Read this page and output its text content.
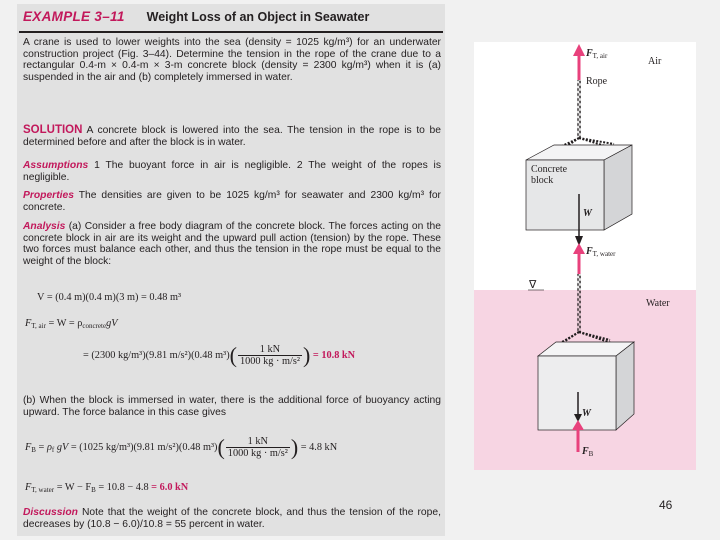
EXAMPLE 3–11 Weight Loss of an Object in Seawater
A crane is used to lower weights into the sea (density = 1025 kg/m³) for an underwater construction project (Fig. 3–44). Determine the tension in the rope of the crane due to a rectangular 0.4-m × 0.4-m × 3-m concrete block (density = 2300 kg/m³) when it is (a) suspended in the air and (b) completely immersed in water.
SOLUTION A concrete block is lowered into the sea. The tension in the rope is to be determined before and after the block is in water.
Assumptions 1 The buoyant force in air is negligible. 2 The weight of the ropes is negligible.
Properties The densities are given to be 1025 kg/m³ for seawater and 2300 kg/m³ for concrete.
Analysis (a) Consider a free body diagram of the concrete block. The forces acting on the concrete block in air are its weight and the upward pull action (tension) by the rope. These two forces must balance each other, and thus the tension in the rope must be equal to the weight of the block:
V = (0.4 m)(0.4 m)(3 m) = 0.48 m³
$F_{T, air} = W = \rho_{concrete}gV$
= (2300 kg/m³)(9.81 m/s²)(0.48 $m^3)( \frac{1 kN}{\text{1000 kg · m/s²}}$ ) = 10.8 kN
(b) When the block is immersed in water, there is the additional force of buoyancy acting upward. The force balance in this case gives
$F_B = \rho_f$ gV = (1025 kg/m³)(9.81 m/s²)(0.48 $m^3)( \frac{1 kN}{\text{1000 kg · m/s²}}$ ) = 4.8 kN
$F_{T, water} = W - F_B = 10.8 - 4.8 = 6.0$ kN
Discussion Note that the weight of the concrete block, and thus the tension of the rope, decreases by (10.8 − 6.0)/10.8 = 55 percent in water.
$F_{T, air}$	Air
Rope
Concrete
block
W
$F_{T, water}$
∇
Water
W
$F_B$
46
